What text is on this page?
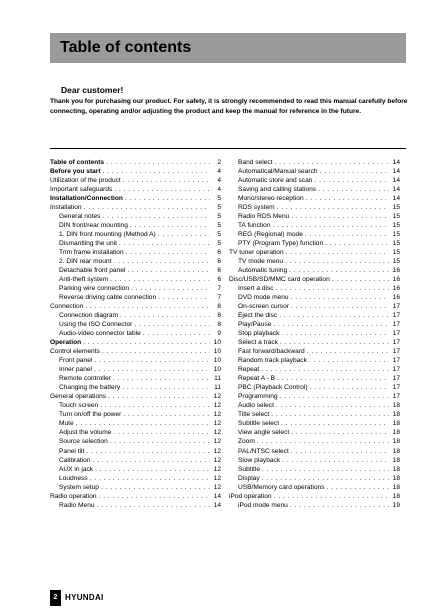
Table of contents
Dear customer!
Thank you for purchasing our product. For safety, it is strongly recommended to read this manual carefully before connecting, operating and/or adjusting the product and keep the manual for reference in the future.
Table of contents . . .	2
Before you start . . .	4
Utilization of the product . . .	4
Important safeguards . . .	4
Installation/Connection . . .	5
Installation . . .	5
General notes . . .	5
DIN front/rear mounting . . .	5
1. DIN front mounting (Method A) . . .	5
Dismantling the unit . . .	5
Trim frame installation . . .	6
2. DIN rear mount . . .	6
Detachable front panel . . .	6
Anti-theft system . . .	6
Parking wire connection . . .	7
Reverse driving cable connection . . .	7
Connection . . .	8
Connection diagram . . .	8
Using the ISO Connector . . .	8
Audio-video connector table . . .	9
Operation . . .	10
Control elements . . .	10
Front panel . . .	10
Inner panel . . .	10
Remote controller . . .	11
Changing the battery . . .	11
General operations . . .	12
Touch screen . . .	12
Turn on/off the power . . .	12
Mute . . .	12
Adjust the volume . . .	12
Source selection . . .	12
Panel tilt . . .	12
Calibration . . .	12
AUX in jack . . .	12
Loudness . . .	12
System setup . . .	12
Radio operation . . .	14
Radio Menu . . .	14
Band select . . .	14
Automatical/Manual search . . .	14
Automatic store and scan . . .	14
Saving and calling stations . . .	14
Mono/stereo reception . . .	14
RDS system . . .	15
Radio RDS Menu . . .	15
TA function . . .	15
REG (Regional) mode . . .	15
PTY (Program Type) function . . .	15
TV tuner operation . . .	15
TV mode menu . . .	15
Automatic tuning . . .	16
Disc/USB/SD/MMC card operation . . .	16
Insert a disc . . .	16
DVD mode menu . . .	16
On-screen cursor . . .	17
Eject the disc . . .	17
Play/Pause . . .	17
Stop playback . . .	17
Select a track . . .	17
Fast forward/backward . . .	17
Random track playback . . .	17
Repeat . . .	17
Repeat A - B . . .	17
PBC (Playback Control) . . .	17
Programming . . .	17
Audio select . . .	18
Title select . . .	18
Subtitle select . . .	18
View angle select . . .	18
Zoom . . .	18
PAL/NTSC select . . .	18
Slow playback . . .	18
Subtitle . . .	18
Display . . .	18
USB/Memory card operations . . .	18
iPod operation . . .	18
iPod mode menu . . .	19
2 HYUNDAI
